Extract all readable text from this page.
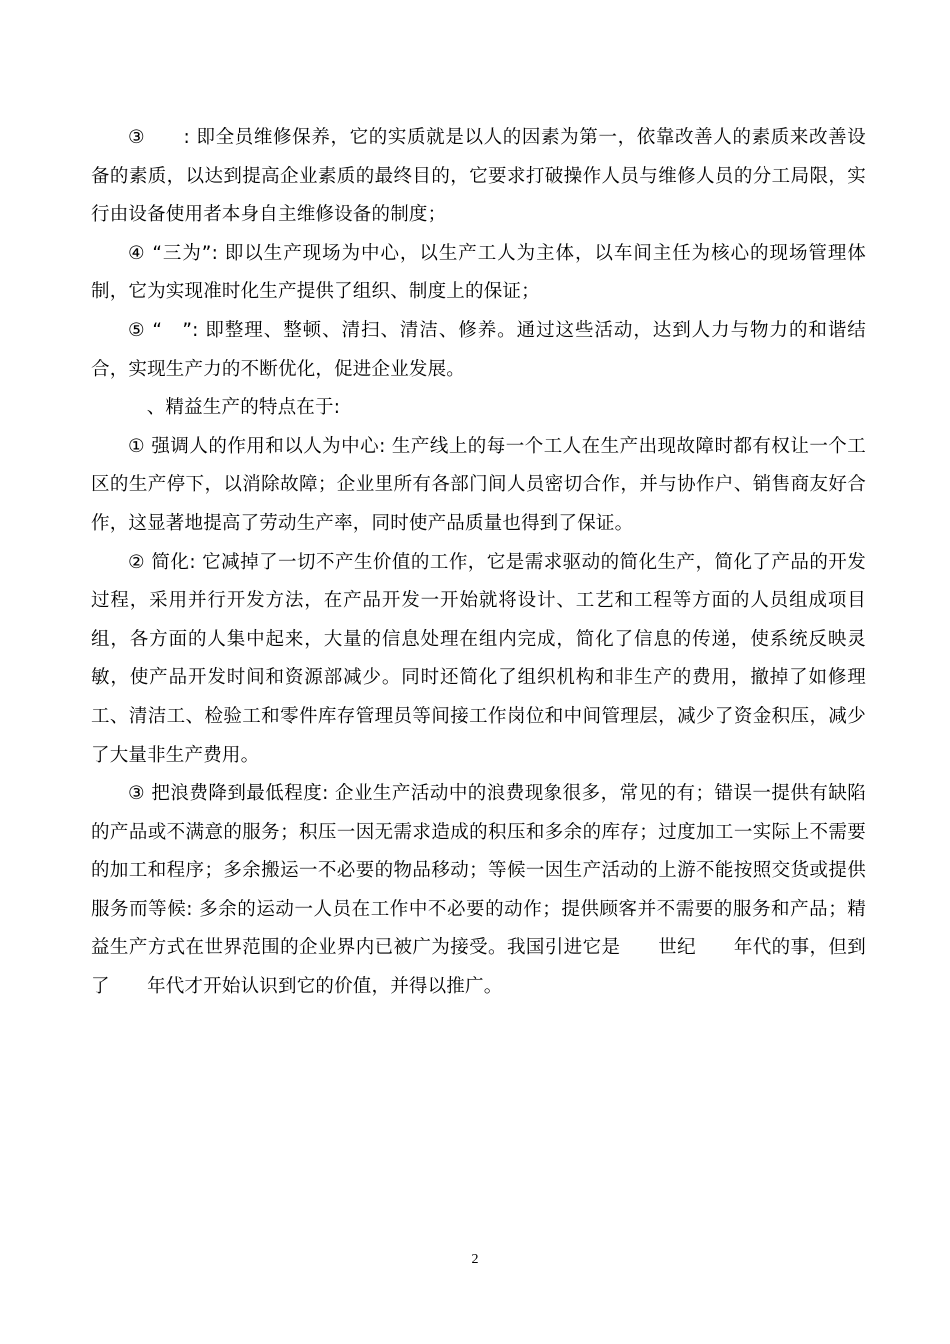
③　　: 即全员维修保养，它的实质就是以人的因素为第一，依靠改善人的素质来改善设备的素质，以达到提高企业素质的最终目的，它要求打破操作人员与维修人员的分工局限，实行由设备使用者本身自主维修设备的制度；

④ “三为”: 即以生产现场为中心，以生产工人为主体，以车间主任为核心的现场管理体制，它为实现准时化生产提供了组织、制度上的保证；

⑤ “　”: 即整理、整顿、清扫、清洁、修养。通过这些活动，达到人力与物力的和谐结合，实现生产力的不断优化，促进企业发展。

　、精益生产的特点在于:

① 强调人的作用和以人为中心: 生产线上的每一个工人在生产出现故障时都有权让一个工区的生产停下，以消除故障；企业里所有各部门间人员密切合作，并与协作户、销售商友好合作，这显著地提高了劳动生产率，同时使产品质量也得到了保证。

② 简化: 它减掉了一切不产生价值的工作，它是需求驱动的简化生产，简化了产品的开发过程，采用并行开发方法，在产品开发一开始就将设计、工艺和工程等方面的人员组成项目组，各方面的人集中起来，大量的信息处理在组内完成，简化了信息的传递，使系统反映灵敏，使产品开发时间和资源部减少。同时还简化了组织机构和非生产的费用，撤掉了如修理工、清洁工、检验工和零件库存管理员等间接工作岗位和中间管理层，减少了资金积压，减少了大量非生产费用。

③ 把浪费降到最低程度: 企业生产活动中的浪费现象很多，常见的有；错误一提供有缺陷的产品或不满意的服务；积压一因无需求造成的积压和多余的库存；过度加工一实际上不需要的加工和程序；多余搬运一不必要的物品移动；等候一因生产活动的上游不能按照交货或提供服务而等候: 多余的运动一人员在工作中不必要的动作；提供顾客并不需要的服务和产品；精益生产方式在世界范围的企业界内已被广为接受。我国引进它是　　世纪　　年代的事，但到了　　年代才开始认识到它的价值，并得以推广。

2
